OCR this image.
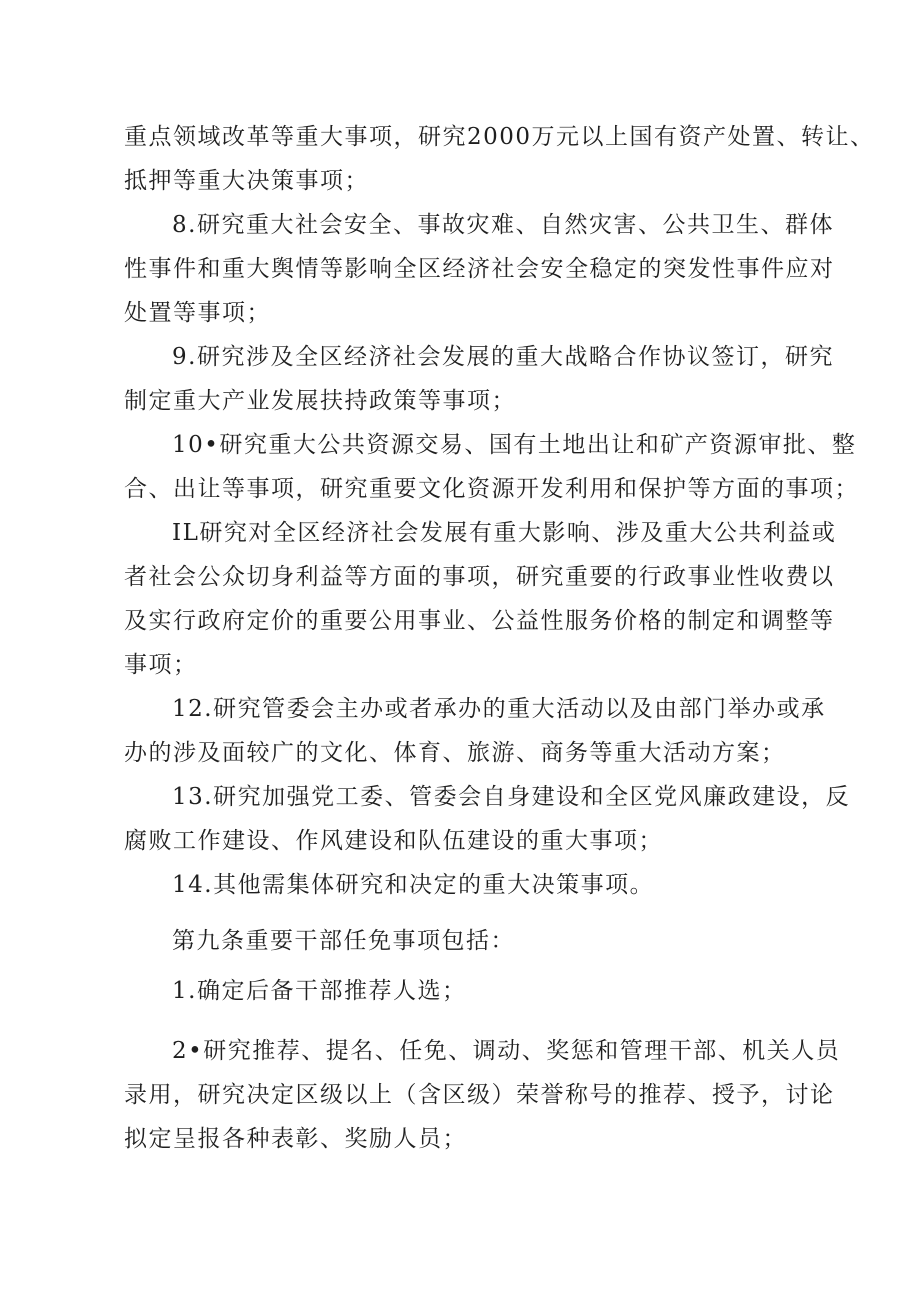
重点领域改革等重大事项，研究2000万元以上国有资产处置、转让、
抵押等重大决策事项；
8.研究重大社会安全、事故灾难、自然灾害、公共卫生、群体
性事件和重大舆情等影响全区经济社会安全稳定的突发性事件应对
处置等事项；
9.研究涉及全区经济社会发展的重大战略合作协议签订，研究
制定重大产业发展扶持政策等事项；
10•研究重大公共资源交易、国有土地出让和矿产资源审批、整
合、出让等事项，研究重要文化资源开发利用和保护等方面的事项；
IL研究对全区经济社会发展有重大影响、涉及重大公共利益或
者社会公众切身利益等方面的事项，研究重要的行政事业性收费以
及实行政府定价的重要公用事业、公益性服务价格的制定和调整等
事项；
12.研究管委会主办或者承办的重大活动以及由部门举办或承
办的涉及面较广的文化、体育、旅游、商务等重大活动方案；
13.研究加强党工委、管委会自身建设和全区党风廉政建设，反
腐败工作建设、作风建设和队伍建设的重大事项；
14.其他需集体研究和决定的重大决策事项。
第九条重要干部任免事项包括：
1.确定后备干部推荐人选；
2•研究推荐、提名、任免、调动、奖惩和管理干部、机关人员
录用，研究决定区级以上（含区级）荣誉称号的推荐、授予，讨论
拟定呈报各种表彰、奖励人员；
